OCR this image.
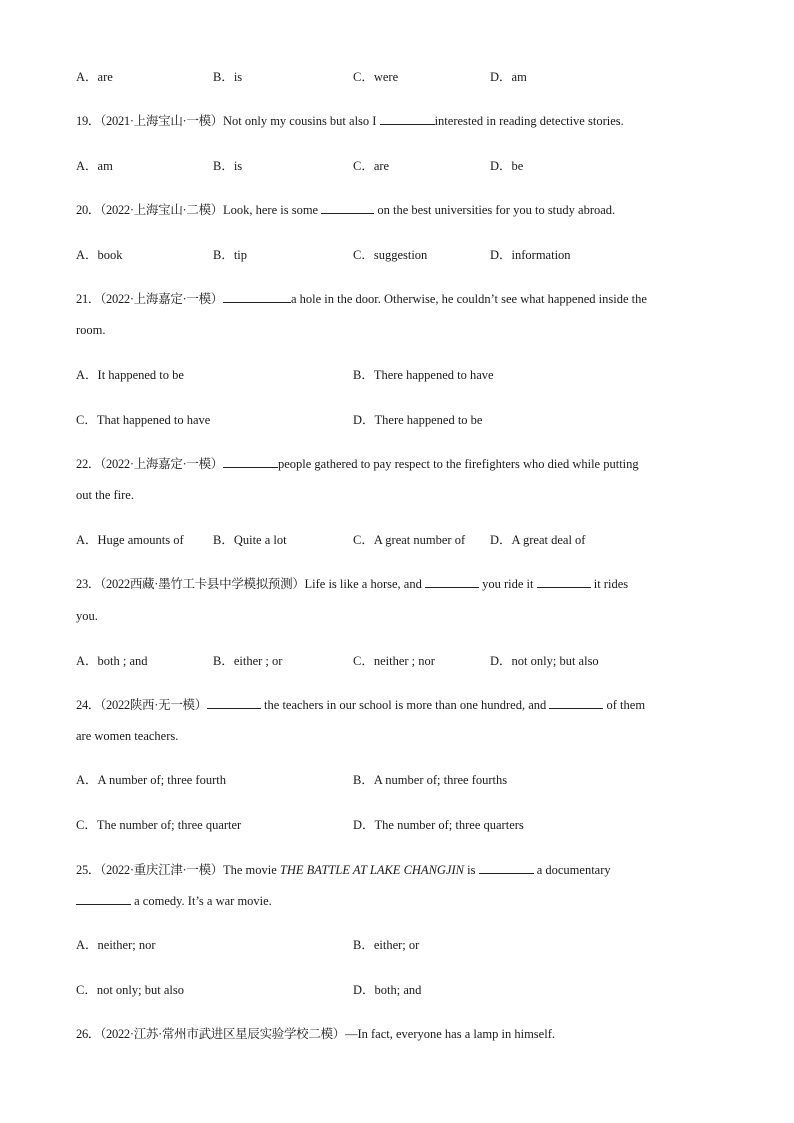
A．are	B．is	C．were	D．am
19．（2021·上海宝山·一模）Not only my cousins but also I	interested in reading detective stories.
A．am	B．is	C．are	D．be
20．（2022·上海宝山·二模）Look, here is some	on the best universities for you to study abroad.
A．book	B．tip	C．suggestion	D．information
21．（2022·上海嘉定·一模）	a hole in the door. Otherwise, he couldn’t see what happened inside the
room.
A．It happened to be	B．There happened to have
C．That happened to have	D．There happened to be
22．（2022·上海嘉定·一模）	people gathered to pay respect to the firefighters who died while putting
out the fire.
A．Huge amounts of B．Quite a lot	C．A great number of D．A great deal of
23．（2022西藏·墨竹工卡县中学模拟预测）Life is like a horse, and	you ride it	it rides
you.
A．both ; and	B．either ; or	C．neither ; nor	D．not only; but also
24．（2022陕西·无一模）	the teachers in our school is more than one hundred, and	of them
are women teachers.
A．A number of; three fourth	B．A number of; three fourths
C．The number of; three quarter	D．The number of; three quarters
25．（2022·重庆江津·一模）The movie THE BATTLE AT LAKE CHANGJIN is	a documentary
a comedy. It’s a war movie.
A．neither; nor	B．either; or
C．not only; but also	D．both; and
26．（2022·江苏·常州市武进区星辰实验学校二模）—In fact, everyone has a lamp in himself.
